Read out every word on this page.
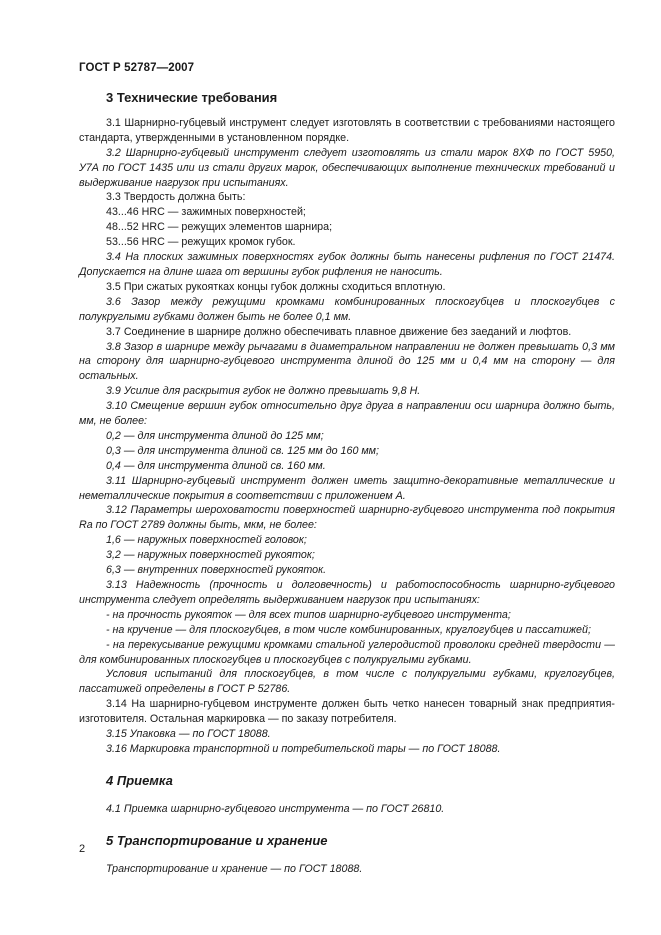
ГОСТ Р 52787—2007
3 Технические требования

3.1 Шарнирно-губцевый инструмент следует изготовлять в соответствии с требованиями настоящего стандарта, утвержденными в установленном порядке.

3.2 Шарнирно-губцевый инструмент следует изготовлять из стали марок 8ХФ по ГОСТ 5950, У7А по ГОСТ 1435 или из стали других марок, обеспечивающих выполнение технических требований и выдерживание нагрузок при испытаниях.

3.3 Твердость должна быть:

43...46 HRC — зажимных поверхностей;

48...52 HRC — режущих элементов шарнира;

53...56 HRC — режущих кромок губок.

3.4 На плоских зажимных поверхностях губок должны быть нанесены рифления по ГОСТ 21474. Допускается на длине шага от вершины губок рифления не наносить.

3.5 При сжатых рукоятках концы губок должны сходиться вплотную.

3.6 Зазор между режущими кромками комбинированных плоскогубцев и плоскогубцев с полукруглыми губками должен быть не более 0,1 мм.

3.7 Соединение в шарнире должно обеспечивать плавное движение без заеданий и люфтов.

3.8 Зазор в шарнире между рычагами в диаметральном направлении не должен превышать 0,3 мм на сторону для шарнирно-губцевого инструмента длиной до 125 мм и 0,4 мм на сторону — для остальных.

3.9 Усилие для раскрытия губок не должно превышать 9,8 Н.

3.10 Смещение вершин губок относительно друг друга в направлении оси шарнира должно быть, мм, не более:

0,2 — для инструмента длиной до 125 мм;

0,3 — для инструмента длиной св. 125 мм до 160 мм;

0,4 — для инструмента длиной св. 160 мм.

3.11 Шарнирно-губцевый инструмент должен иметь защитно-декоративные металлические и неметаллические покрытия в соответствии с приложением А.

3.12 Параметры шероховатости поверхностей шарнирно-губцевого инструмента под покрытия Ra по ГОСТ 2789 должны быть, мкм, не более:

1,6 — наружных поверхностей головок;

3,2 — наружных поверхностей рукояток;

6,3 — внутренних поверхностей рукояток.

3.13 Надежность (прочность и долговечность) и работоспособность шарнирно-губцевого инструмента следует определять выдерживанием нагрузок при испытаниях:

- на прочность рукояток — для всех типов шарнирно-губцевого инструмента;

- на кручение — для плоскогубцев, в том числе комбинированных, круглогубцев и пассатижей;

- на перекусывание режущими кромками стальной углеродистой проволоки средней твердости — для комбинированных плоскогубцев и плоскогубцев с полукруглыми губками.

Условия испытаний для плоскогубцев, в том числе с полукруглыми губками, круглогубцев, пассатижей определены в ГОСТ Р 52786.

3.14 На шарнирно-губцевом инструменте должен быть четко нанесен товарный знак предприятия-изготовителя. Остальная маркировка — по заказу потребителя.

3.15 Упаковка — по ГОСТ 18088.

3.16 Маркировка транспортной и потребительской тары — по ГОСТ 18088.

4 Приемка

4.1 Приемка шарнирно-губцевого инструмента — по ГОСТ 26810.

5 Транспортирование и хранение

Транспортирование и хранение — по ГОСТ 18088.

2
